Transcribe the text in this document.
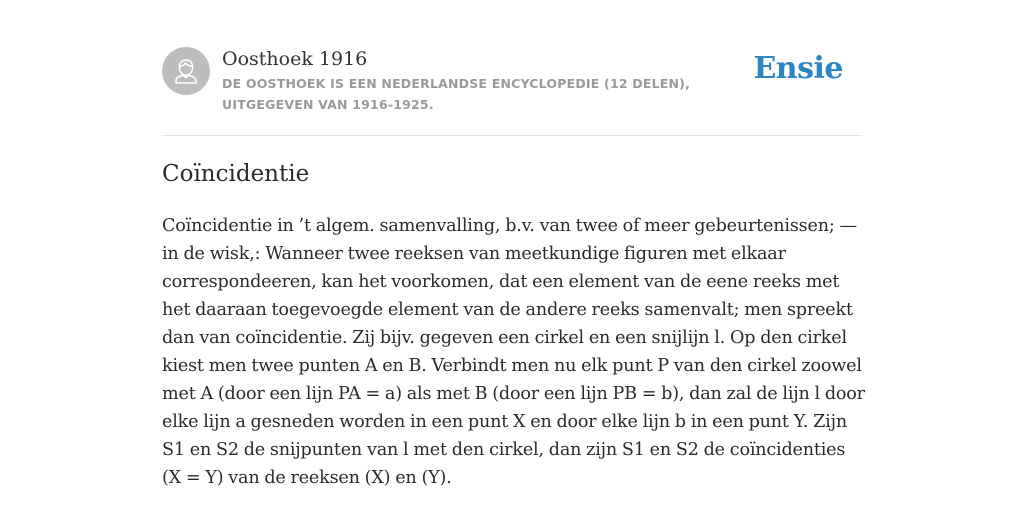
Oosthoek 1916
DE OOSTHOEK IS EEN NEDERLANDSE ENCYCLOPEDIE (12 DELEN), UITGEGEVEN VAN 1916-1925.
Ensie
Coïncidentie

Coïncidentie in ’t algem. samenvalling, b.v. van twee of meer gebeurtenissen; — in de wisk,: Wanneer twee reeksen van meetkundige figuren met elkaar correspondeeren, kan het voorkomen, dat een element van de eene reeks met het daaraan toegevoegde element van de andere reeks samenvalt; men spreekt dan van coïncidentie. Zij bijv. gegeven een cirkel en een snijlijn l. Op den cirkel kiest men twee punten A en B. Verbindt men nu elk punt P van den cirkel zoowel met A (door een lijn PA = a) als met B (door een lijn PB = b), dan zal de lijn l door elke lijn a gesneden worden in een punt X en door elke lijn b in een punt Y. Zijn S1 en S2 de snijpunten van l met den cirkel, dan zijn S1 en S2 de coïncidenties (X = Y) van de reeksen (X) en (Y).
